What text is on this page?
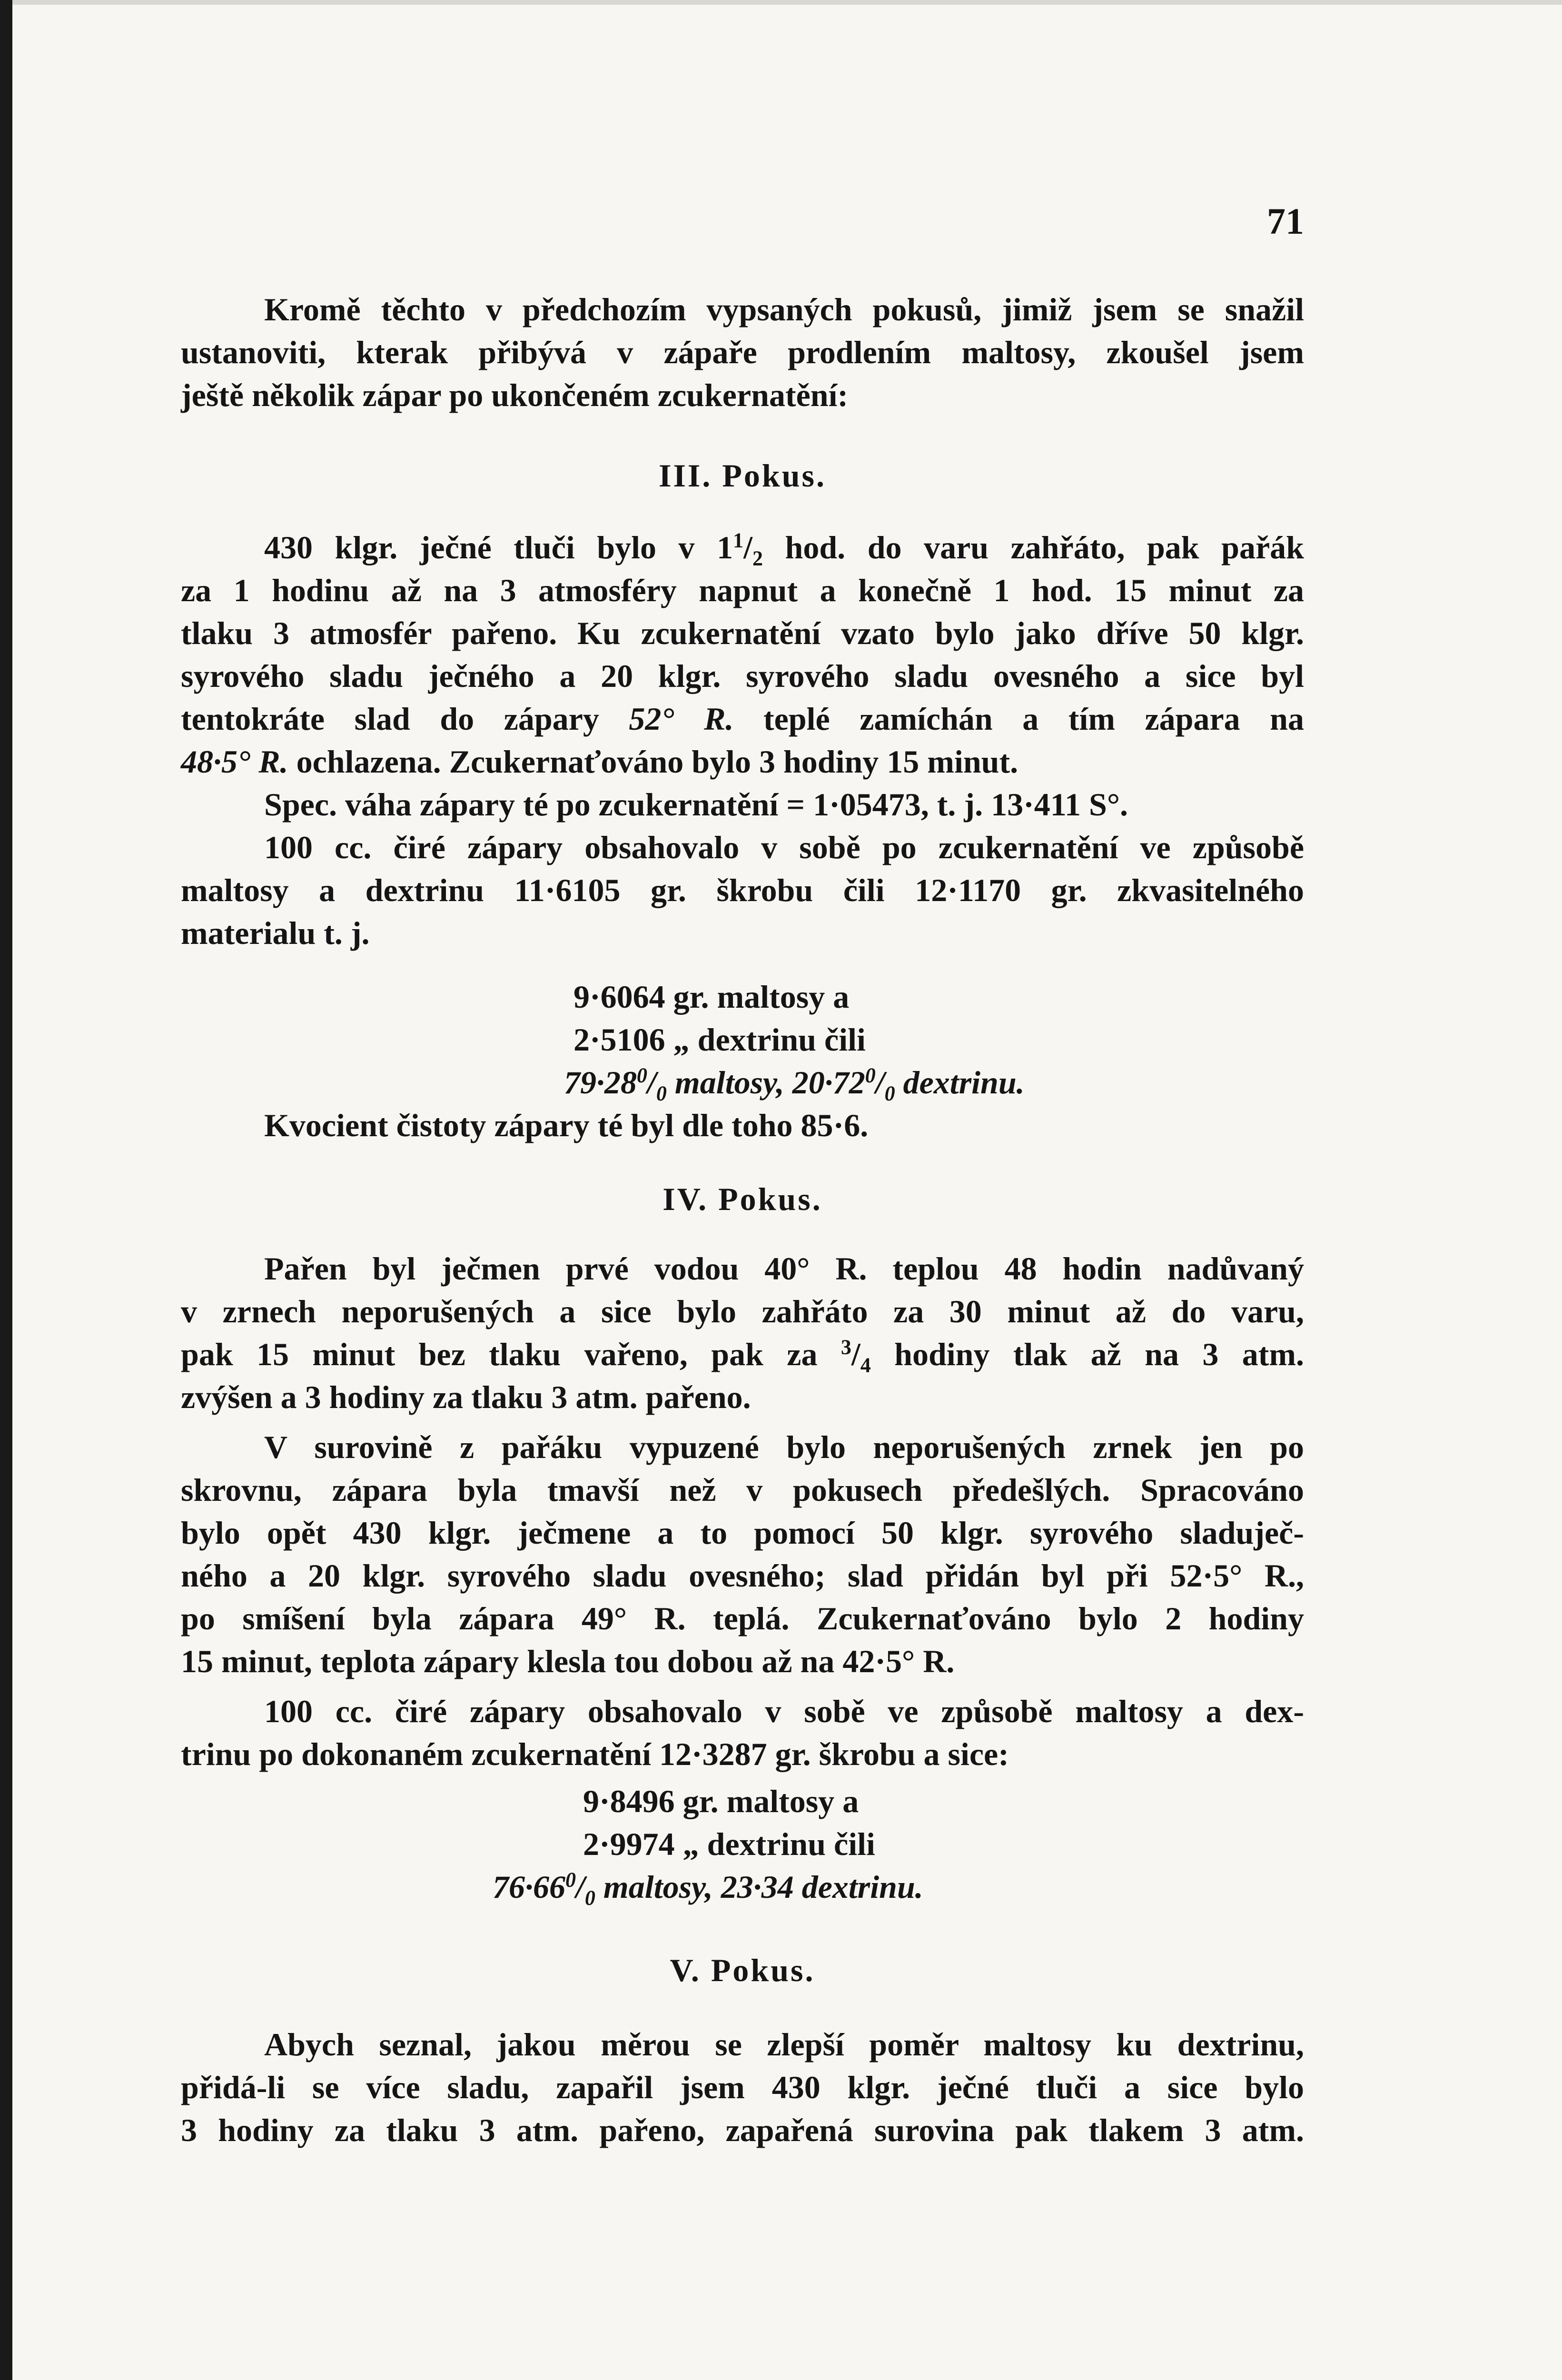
71
Kromě těchto v předchozím vypsaných pokusů, jimiž jsem se snažil
ustanoviti, kterak přibývá v zápaře prodlením maltosy, zkoušel jsem
ještě několik zápar po ukončeném zcukernatění:
III. Pokus.
430 klgr. ječné tluči bylo v $1^1/_2$ hod. do varu zahřáto, pak pařák
za 1 hodinu až na 3 atmosféry napnut a konečně 1 hod. 15 minut za
tlaku 3 atmosfér pařeno. Ku zcukernatění vzato bylo jako dříve 50 klgr.
syrového sladu ječného a 20 klgr. syrového sladu ovesného a sice byl
tentokráte slad do zápary 52° R. teplé zamíchán a tím zápara na
48·5° R. ochlazena. Zcukernaťováno bylo 3 hodiny 15 minut.
Spec. váha zápary té po zcukernatění = 1·05473, t. j. 13·411 S°.
100 cc. čiré zápary obsahovalo v sobě po zcukernatění ve způsobě
maltosy a dextrinu 11·6105 gr. škrobu čili 12·1170 gr. zkvasitelného
materialu t. j.
9·6064 gr. maltosy a
2·5106 „ dextrinu čili
$79\cdot 28^0/_0$ maltosy, $20\cdot 72^0/_0$ dextrinu.
Kvocient čistoty zápary té byl dle toho 85·6.
IV. Pokus.
Pařen byl ječmen prvé vodou 40° R. teplou 48 hodin nadůvaný
v zrnech neporušených a sice bylo zahřáto za 30 minut až do varu,
pak 15 minut bez tlaku vařeno, pak za $^3/_4$ hodiny tlak až na 3 atm.
zvýšen a 3 hodiny za tlaku 3 atm. pařeno.
V surovině z pařáku vypuzené bylo neporušených zrnek jen po
skrovnu, zápara byla tmavší než v pokusech předešlých. Spracováno
bylo opět 430 klgr. ječmene a to pomocí 50 klgr. syrového sladuječ-
ného a 20 klgr. syrového sladu ovesného; slad přidán byl při 52·5° R.,
po smíšení byla zápara 49° R. teplá. Zcukernaťováno bylo 2 hodiny
15 minut, teplota zápary klesla tou dobou až na 42·5° R.
100 cc. čiré zápary obsahovalo v sobě ve způsobě maltosy a dex-
trinu po dokonaném zcukernatění 12·3287 gr. škrobu a sice:
9·8496 gr. maltosy a
2·9974 „ dextrinu čili
$76\cdot 66^0/_0$ maltosy, 23·34 dextrinu.
V. Pokus.
Abych seznal, jakou měrou se zlepší poměr maltosy ku dextrinu,
přidá-li se více sladu, zapařil jsem 430 klgr. ječné tluči a sice bylo
3 hodiny za tlaku 3 atm. pařeno, zapařená surovina pak tlakem 3 atm.
